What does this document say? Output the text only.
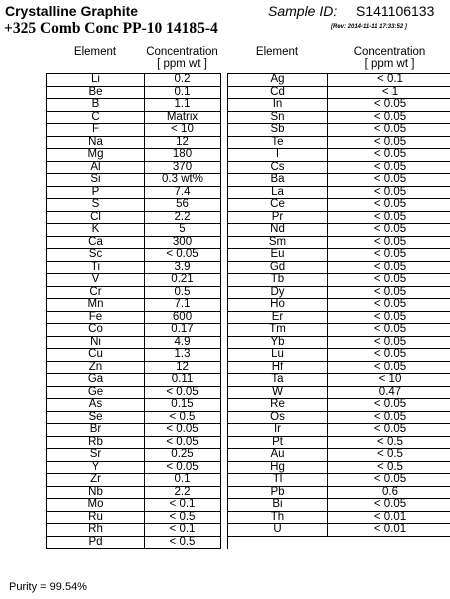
Crystalline Graphite
+325 Comb Conc PP-10 14185-4
Sample ID: S141106133
[Rev: 2014-11-11 17:33:52 ]
Element	Concentration
[ ppm wt ]
Element	Concentration
[ ppm wt ]
Li	0.2		Ag	< 0.1
Be	0.1		Cd	< 1
B	1.1		In	< 0.05
C	Matrix		Sn	< 0.05
F	< 10		Sb	< 0.05
Na	12		Te	< 0.05
Mg	180		I	< 0.05
Al	370		Cs	< 0.05
Si	0.3 wt%		Ba	< 0.05
P	7.4		La	< 0.05
S	56		Ce	< 0.05
Cl	2.2		Pr	< 0.05
K	5		Nd	< 0.05
Ca	300		Sm	< 0.05
Sc	< 0.05		Eu	< 0.05
Ti	3.9		Gd	< 0.05
V	0.21		Tb	< 0.05
Cr	0.5		Dy	< 0.05
Mn	7.1		Ho	< 0.05
Fe	600		Er	< 0.05
Co	0.17		Tm	< 0.05
Ni	4.9		Yb	< 0.05
Cu	1.3		Lu	< 0.05
Zn	12		Hf	< 0.05
Ga	0.11		Ta	< 10
Ge	< 0.05		W	0.47
As	0.15		Re	< 0.05
Se	< 0.5		Os	< 0.05
Br	< 0.05		Ir	< 0.05
Rb	< 0.05		Pt	< 0.5
Sr	0.25		Au	< 0.5
Y	< 0.05		Hg	< 0.5
Zr	0.1		Tl	< 0.05
Nb	2.2		Pb	0.6
Mo	< 0.1		Bi	< 0.05
Ru	< 0.5		Th	< 0.01
Rh	< 0.1		U	< 0.01
Pd	< 0.5			
Purity = 99.54%
